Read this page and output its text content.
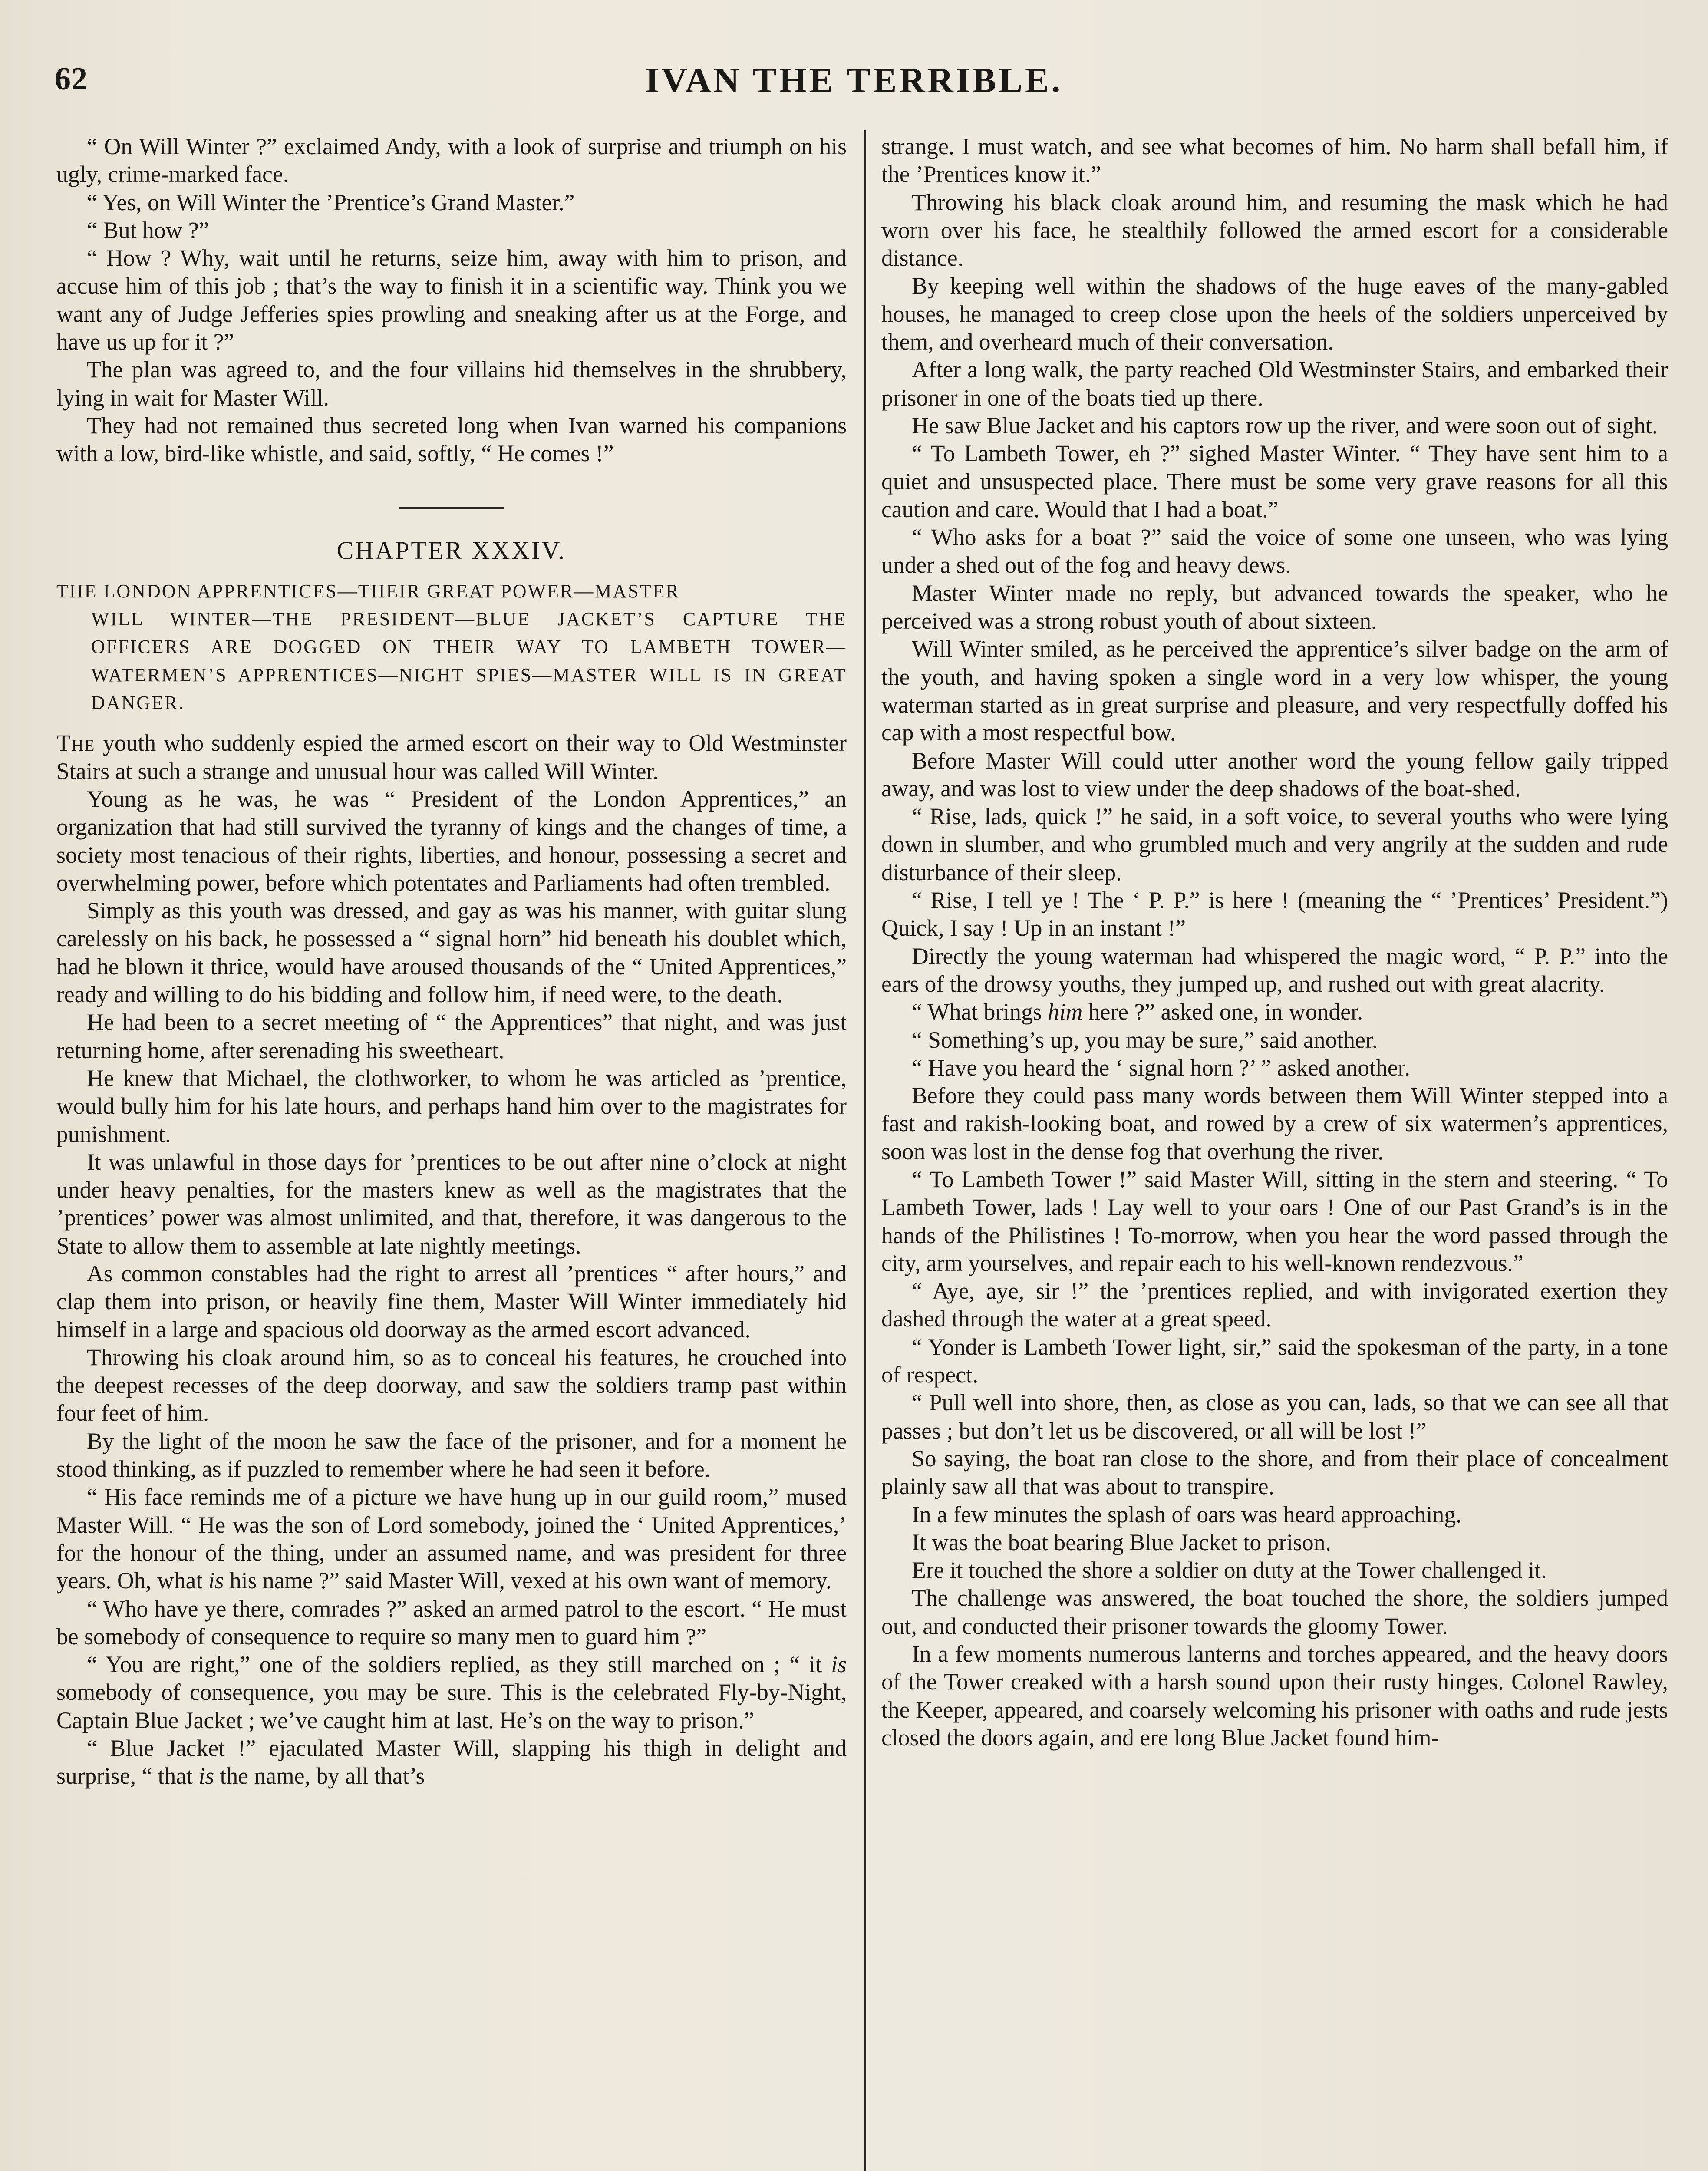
62	IVAN THE TERRIBLE.

“ On Will Winter ?” exclaimed Andy, with a look of surprise and triumph on his ugly, crime-marked face.

“ Yes, on Will Winter the ’Prentice’s Grand Master.”

“ But how ?”

“ How ? Why, wait until he returns, seize him, away with him to prison, and accuse him of this job ; that’s the way to finish it in a scientific way. Think you we want any of Judge Jefferies spies prowling and sneaking after us at the Forge, and have us up for it ?”

The plan was agreed to, and the four villains hid themselves in the shrubbery, lying in wait for Master Will.

They had not remained thus secreted long when Ivan warned his companions with a low, bird-like whistle, and said, softly, “ He comes !”

CHAPTER XXXIV.
THE LONDON APPRENTICES—THEIR GREAT POWER—MASTER
WILL WINTER—THE PRESIDENT—BLUE JACKET’S CAPTURE THE OFFICERS ARE DOGGED ON THEIR WAY TO LAMBETH TOWER—WATERMEN’S APPRENTICES—NIGHT SPIES—MASTER WILL IS IN GREAT DANGER.

The youth who suddenly espied the armed escort on their way to Old Westminster Stairs at such a strange and unusual hour was called Will Winter.

Young as he was, he was “ President of the London Apprentices,” an organization that had still survived the tyranny of kings and the changes of time, a society most tenacious of their rights, liberties, and honour, possessing a secret and overwhelming power, before which potentates and Parliaments had often trembled.

Simply as this youth was dressed, and gay as was his manner, with guitar slung carelessly on his back, he possessed a “ signal horn” hid beneath his doublet which, had he blown it thrice, would have aroused thousands of the “ United Apprentices,” ready and willing to do his bidding and follow him, if need were, to the death.

He had been to a secret meeting of “ the Apprentices” that night, and was just returning home, after serenading his sweetheart.

He knew that Michael, the clothworker, to whom he was articled as ’prentice, would bully him for his late hours, and perhaps hand him over to the magistrates for punishment.

It was unlawful in those days for ’prentices to be out after nine o’clock at night under heavy penalties, for the masters knew as well as the magistrates that the ’prentices’ power was almost unlimited, and that, therefore, it was dangerous to the State to allow them to assemble at late nightly meetings.

As common constables had the right to arrest all ’prentices “ after hours,” and clap them into prison, or heavily fine them, Master Will Winter immediately hid himself in a large and spacious old doorway as the armed escort advanced.

Throwing his cloak around him, so as to conceal his features, he crouched into the deepest recesses of the deep doorway, and saw the soldiers tramp past within four feet of him.

By the light of the moon he saw the face of the prisoner, and for a moment he stood thinking, as if puzzled to remember where he had seen it before.

“ His face reminds me of a picture we have hung up in our guild room,” mused Master Will. “ He was the son of Lord somebody, joined the ‘ United Apprentices,’ for the honour of the thing, under an assumed name, and was president for three years. Oh, what is his name ?” said Master Will, vexed at his own want of memory.

“ Who have ye there, comrades ?” asked an armed patrol to the escort. “ He must be somebody of consequence to require so many men to guard him ?”

“ You are right,” one of the soldiers replied, as they still marched on ; “ it is somebody of consequence, you may be sure. This is the celebrated Fly-by-Night, Captain Blue Jacket ; we’ve caught him at last. He’s on the way to prison.”

“ Blue Jacket !” ejaculated Master Will, slapping his thigh in delight and surprise, “ that is the name, by all that’s

strange. I must watch, and see what becomes of him. No harm shall befall him, if the ’Prentices know it.”

Throwing his black cloak around him, and resuming the mask which he had worn over his face, he stealthily followed the armed escort for a considerable distance.

By keeping well within the shadows of the huge eaves of the many-gabled houses, he managed to creep close upon the heels of the soldiers unperceived by them, and overheard much of their conversation.

After a long walk, the party reached Old Westminster Stairs, and embarked their prisoner in one of the boats tied up there.

He saw Blue Jacket and his captors row up the river, and were soon out of sight.

“ To Lambeth Tower, eh ?” sighed Master Winter. “ They have sent him to a quiet and unsuspected place. There must be some very grave reasons for all this caution and care. Would that I had a boat.”

“ Who asks for a boat ?” said the voice of some one unseen, who was lying under a shed out of the fog and heavy dews.

Master Winter made no reply, but advanced towards the speaker, who he perceived was a strong robust youth of about sixteen.

Will Winter smiled, as he perceived the apprentice’s silver badge on the arm of the youth, and having spoken a single word in a very low whisper, the young waterman started as in great surprise and pleasure, and very respectfully doffed his cap with a most respectful bow.

Before Master Will could utter another word the young fellow gaily tripped away, and was lost to view under the deep shadows of the boat-shed.

“ Rise, lads, quick !” he said, in a soft voice, to several youths who were lying down in slumber, and who grumbled much and very angrily at the sudden and rude disturbance of their sleep.

“ Rise, I tell ye ! The ‘ P. P.” is here ! (meaning the “ ’Prentices’ President.”) Quick, I say ! Up in an instant !”

Directly the young waterman had whispered the magic word, “ P. P.” into the ears of the drowsy youths, they jumped up, and rushed out with great alacrity.

“ What brings him here ?” asked one, in wonder.

“ Something’s up, you may be sure,” said another.

“ Have you heard the ‘ signal horn ?’ ” asked another.

Before they could pass many words between them Will Winter stepped into a fast and rakish-looking boat, and rowed by a crew of six watermen’s apprentices, soon was lost in the dense fog that overhung the river.

“ To Lambeth Tower !” said Master Will, sitting in the stern and steering. “ To Lambeth Tower, lads ! Lay well to your oars ! One of our Past Grand’s is in the hands of the Philistines ! To-morrow, when you hear the word passed through the city, arm yourselves, and repair each to his well-known rendezvous.”

“ Aye, aye, sir !” the ’prentices replied, and with invigorated exertion they dashed through the water at a great speed.

“ Yonder is Lambeth Tower light, sir,” said the spokesman of the party, in a tone of respect.

“ Pull well into shore, then, as close as you can, lads, so that we can see all that passes ; but don’t let us be discovered, or all will be lost !”

So saying, the boat ran close to the shore, and from their place of concealment plainly saw all that was about to transpire.

In a few minutes the splash of oars was heard approaching.

It was the boat bearing Blue Jacket to prison.

Ere it touched the shore a soldier on duty at the Tower challenged it.

The challenge was answered, the boat touched the shore, the soldiers jumped out, and conducted their prisoner towards the gloomy Tower.

In a few moments numerous lanterns and torches appeared, and the heavy doors of the Tower creaked with a harsh sound upon their rusty hinges. Colonel Rawley, the Keeper, appeared, and coarsely welcoming his prisoner with oaths and rude jests closed the doors again, and ere long Blue Jacket found him-
